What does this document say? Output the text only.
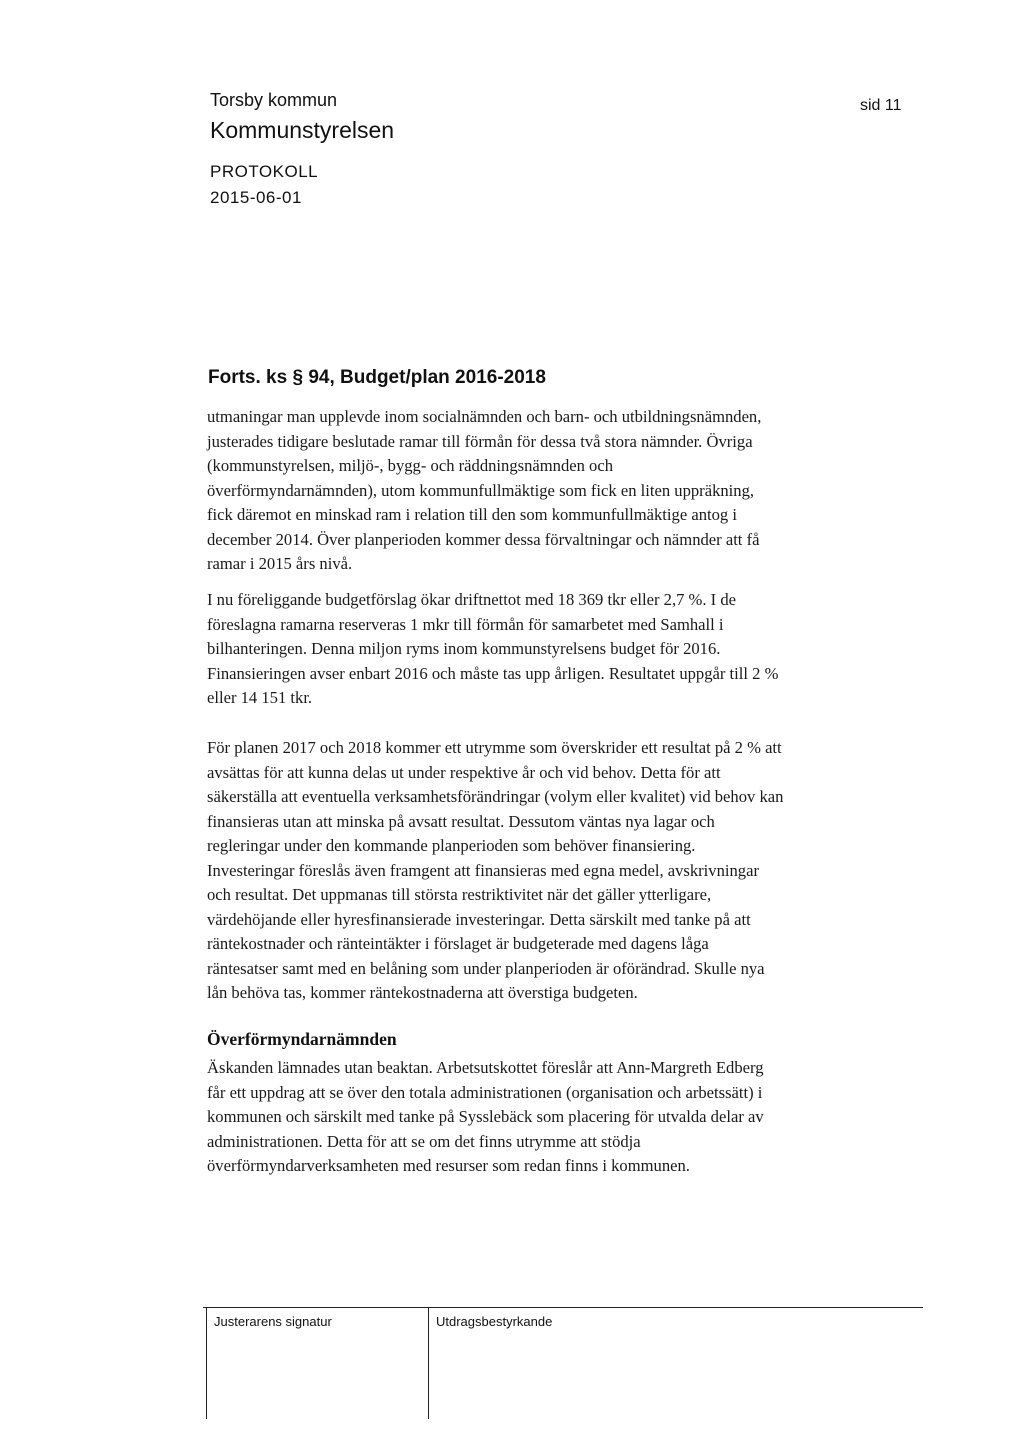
Torsby kommun
Kommunstyrelsen
PROTOKOLL
2015-06-01
sid 11
Forts. ks § 94, Budget/plan 2016-2018
utmaningar man upplevde inom socialnämnden och barn- och utbildningsnämnden,
justerades tidigare beslutade ramar till förmån för dessa två stora nämnder. Övriga
(kommunstyrelsen, miljö-, bygg- och räddningsnämnden och
överförmyndarnämnden), utom kommunfullmäktige som fick en liten uppräkning,
fick däremot en minskad ram i relation till den som kommunfullmäktige antog i
december 2014. Över planperioden kommer dessa förvaltningar och nämnder att få
ramar i 2015 års nivå.
I nu föreliggande budgetförslag ökar driftnettot med 18 369 tkr eller 2,7 %. I de
föreslagna ramarna reserveras 1 mkr till förmån för samarbetet med Samhall i
bilhanteringen. Denna miljon ryms inom kommunstyrelsens budget för 2016.
Finansieringen avser enbart 2016 och måste tas upp årligen. Resultatet uppgår till 2 %
eller 14 151 tkr.
För planen 2017 och 2018 kommer ett utrymme som överskrider ett resultat på 2 % att
avsättas för att kunna delas ut under respektive år och vid behov. Detta för att
säkerställa att eventuella verksamhetsförändringar (volym eller kvalitet) vid behov kan
finansieras utan att minska på avsatt resultat. Dessutom väntas nya lagar och
regleringar under den kommande planperioden som behöver finansiering.
Investeringar föreslås även framgent att finansieras med egna medel, avskrivningar
och resultat. Det uppmanas till största restriktivitet när det gäller ytterligare,
värdehöjande eller hyresfinansierade investeringar. Detta särskilt med tanke på att
räntekostnader och ränteintäkter i förslaget är budgeterade med dagens låga
räntesatser samt med en belåning som under planperioden är oförändrad. Skulle nya
lån behöva tas, kommer räntekostnaderna att överstiga budgeten.
Överförmyndarnämnden
Äskanden lämnades utan beaktan. Arbetsutskottet föreslår att Ann-Margreth Edberg
får ett uppdrag att se över den totala administrationen (organisation och arbetssätt) i
kommunen och särskilt med tanke på Sysslebäck som placering för utvalda delar av
administrationen. Detta för att se om det finns utrymme att stödja
överförmyndarverksamheten med resurser som redan finns i kommunen.
Justerarens signatur	Utdragsbestyrkande
